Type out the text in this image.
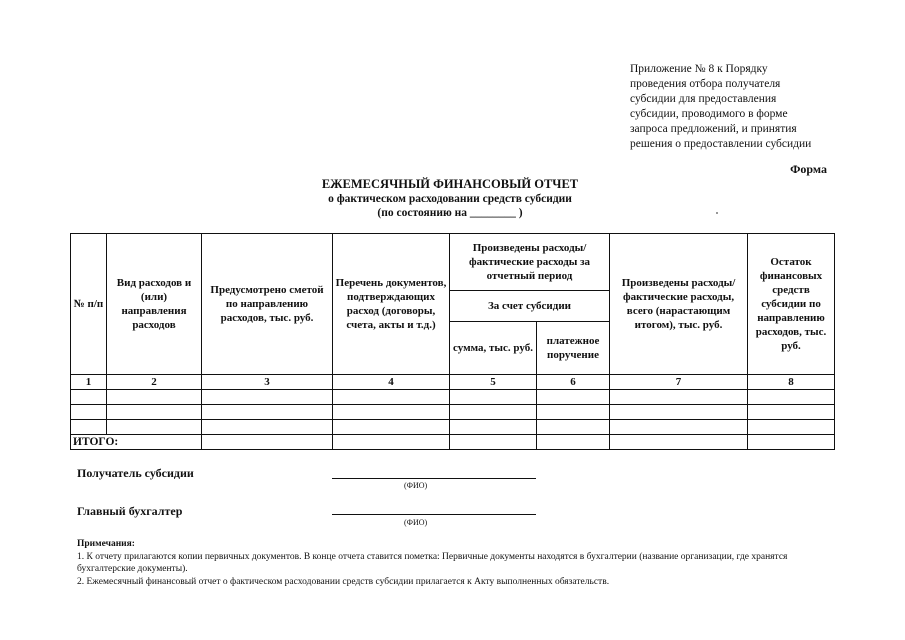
Приложение № 8 к Порядку
проведения отбора получателя
субсидии для предоставления
субсидии, проводимого в форме
запроса предложений, и принятия
решения о предоставлении субсидии
Форма
ЕЖЕМЕСЯЧНЫЙ ФИНАНСОВЫЙ ОТЧЕТ
о фактическом расходовании средств субсидии
(по состоянию на ________ )
№ п/п	Вид расходов и (или) направления расходов	Предусмотрено сметой по направлению расходов, тыс. руб.	Перечень документов, подтверждающих расход (договоры, счета, акты и т.д.)	Произведены расходы/фактические расходы за отчетный период		Произведены расходы/фактические расходы, всего (нарастающим итогом), тыс. руб.	Остаток финансовых средств субсидии по направлению расходов, тыс. руб.
				За счет субсидии			
				сумма, тыс. руб.	платежное поручение		
1	2	3	4	5	6	7	8

ИТОГО:							
Получатель субсидии
(ФИО)
Главный бухгалтер
(ФИО)
Примечания:
1. К отчету прилагаются копии первичных документов. В конце отчета ставится пометка: Первичные документы находятся в бухгалтерии (название организации, где хранятся бухгалтерские документы).
2. Ежемесячный финансовый отчет о фактическом расходовании средств субсидии прилагается к Акту выполненных обязательств.
